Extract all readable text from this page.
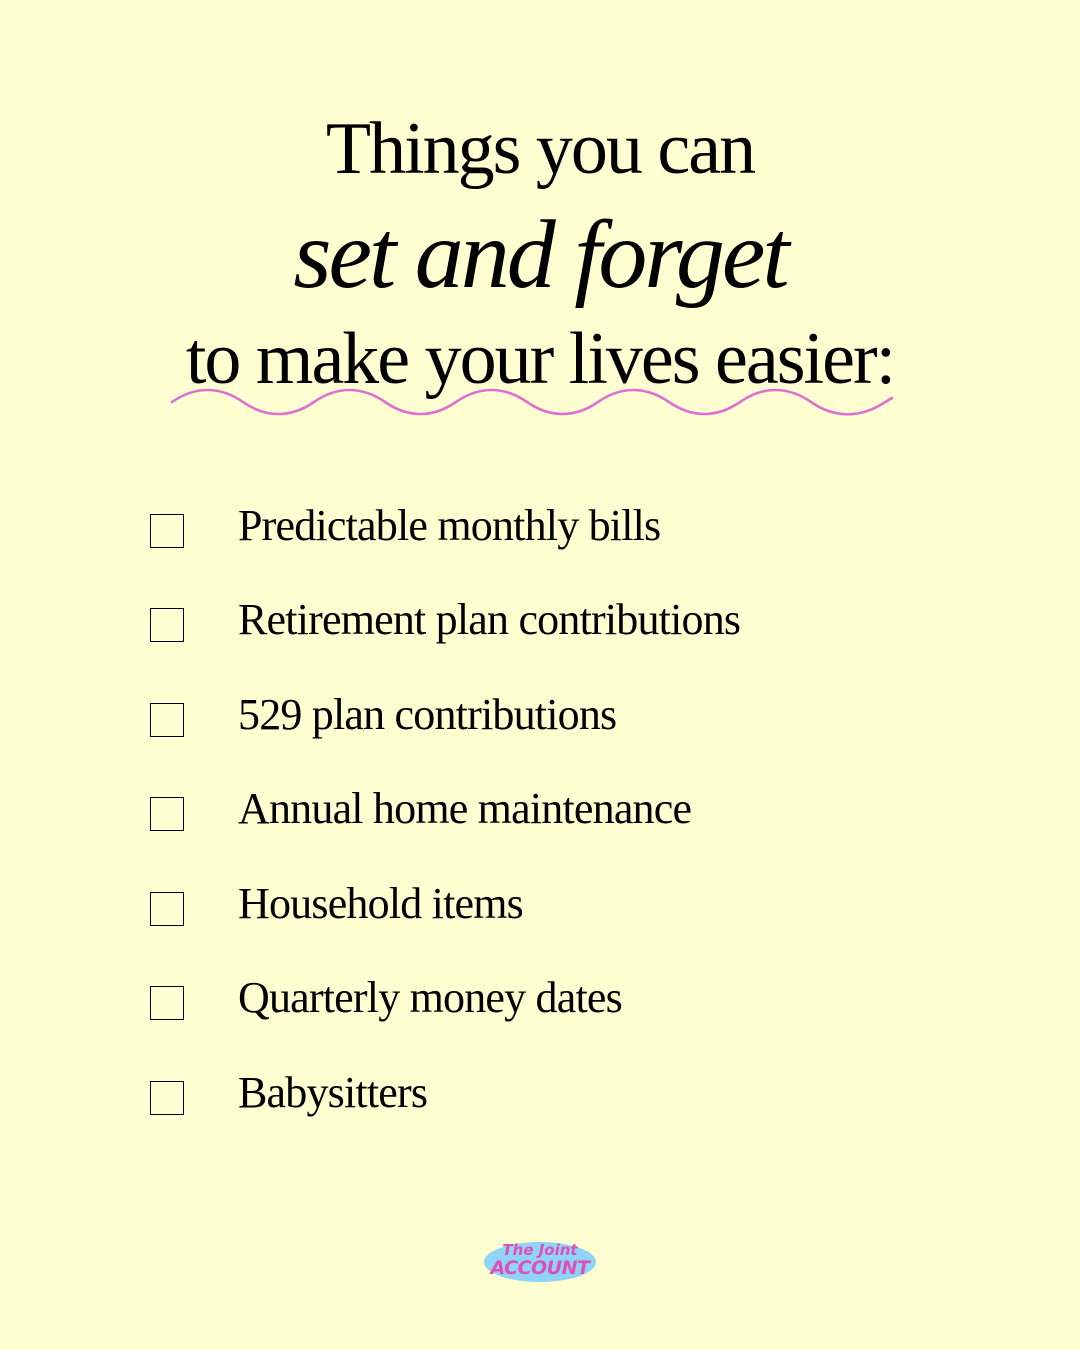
Things you can
set and forget
to make your lives easier:
Predictable monthly bills
Retirement plan contributions
529 plan contributions
Annual home maintenance
Household items
Quarterly money dates
Babysitters
The Joint
ACCOUNT
